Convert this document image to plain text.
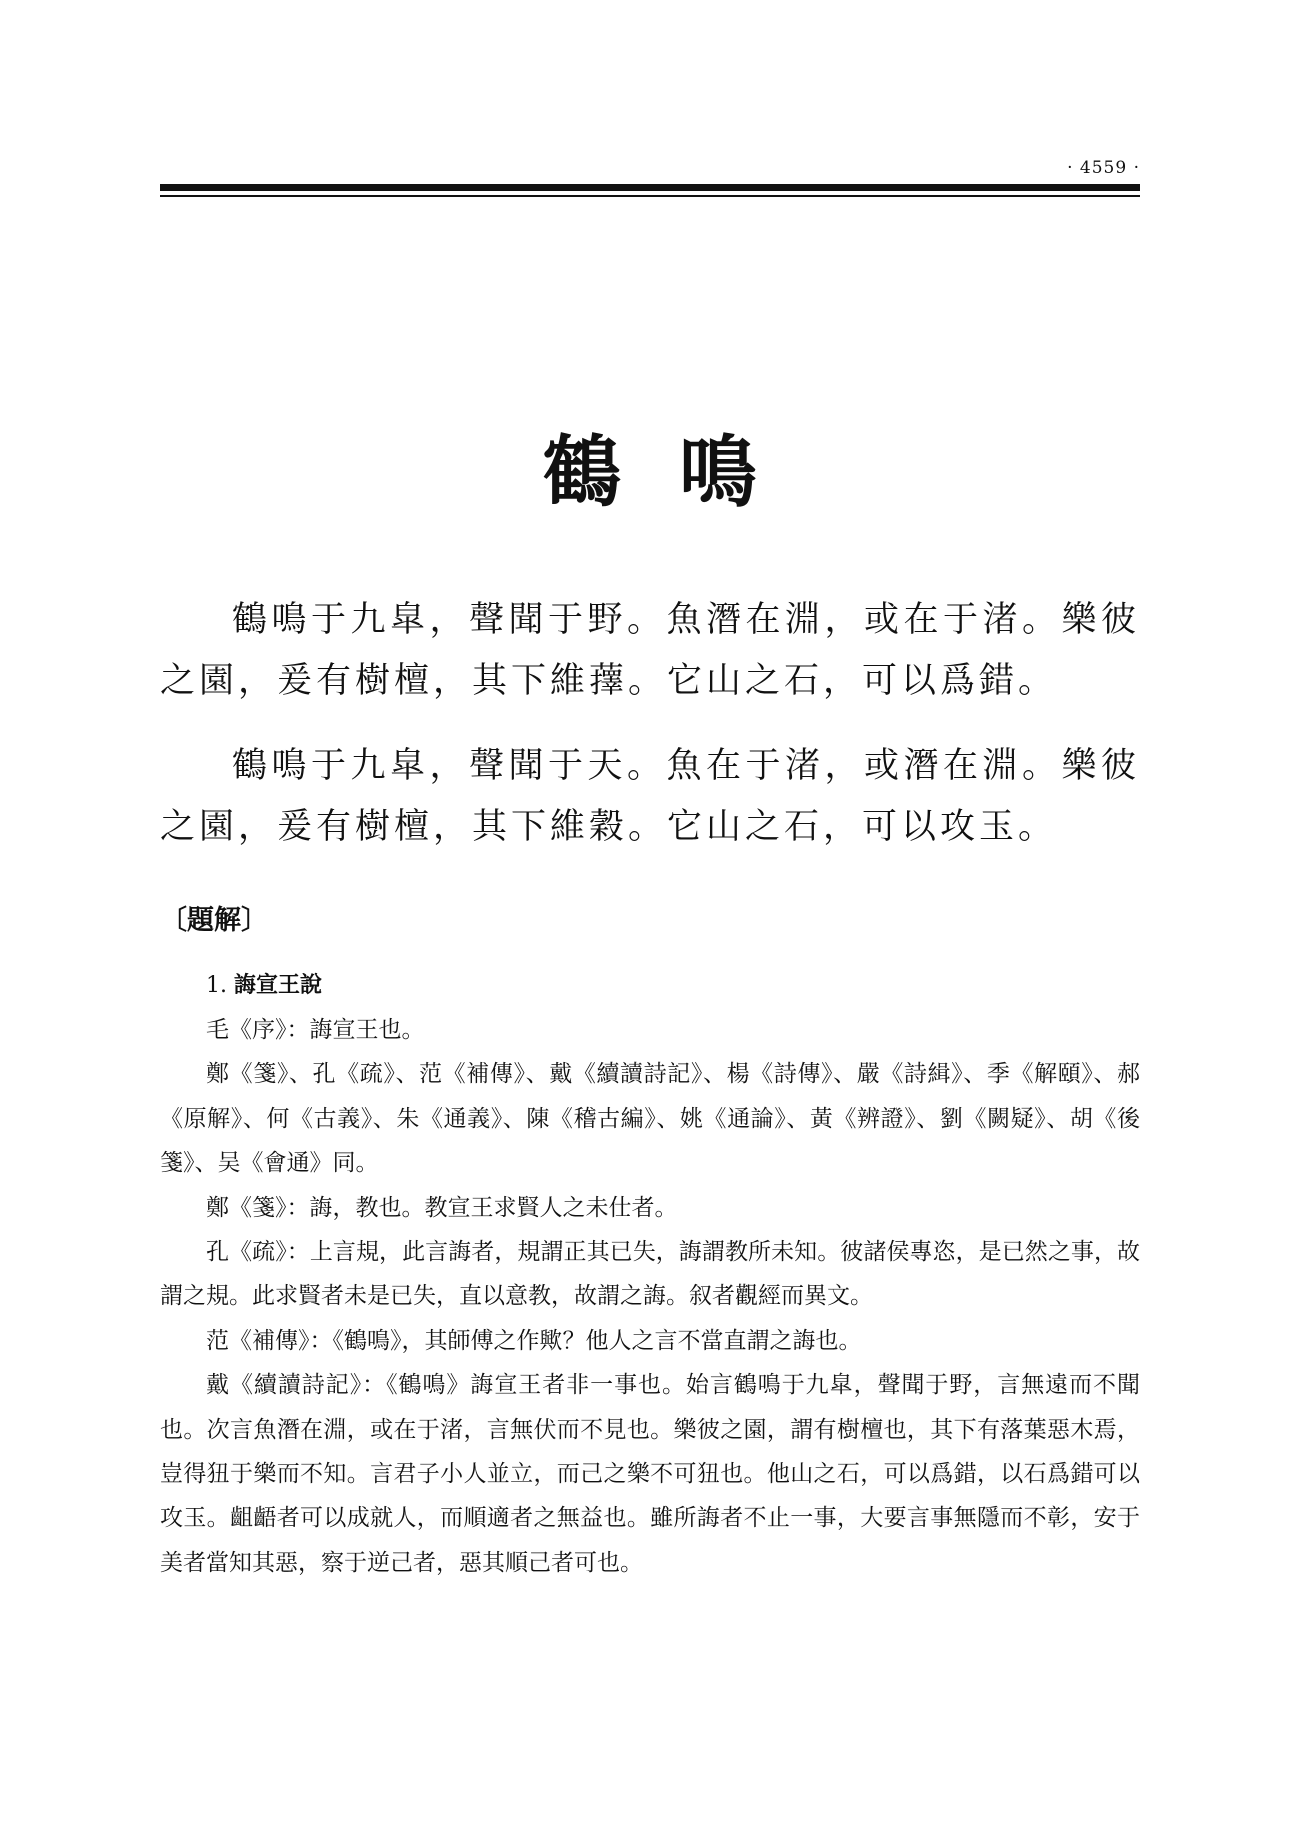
· 4559 ·
鶴鳴

鶴鳴于九皐，聲聞于野。魚潛在淵，或在于渚。樂彼之園，爰有樹檀，其下維蘀。它山之石，可以爲錯。

鶴鳴于九皐，聲聞于天。魚在于渚，或潛在淵。樂彼之園，爰有樹檀，其下維穀。它山之石，可以攻玉。

〔題解〕

1. 誨宣王說

毛《序》：誨宣王也。

鄭《箋》、孔《疏》、范《補傳》、戴《續讀詩記》、楊《詩傳》、嚴《詩緝》、季《解頤》、郝《原解》、何《古義》、朱《通義》、陳《稽古編》、姚《通論》、黃《辨證》、劉《闕疑》、胡《後箋》、吴《會通》同。

鄭《箋》：誨，教也。教宣王求賢人之未仕者。

孔《疏》：上言規，此言誨者，規謂正其已失，誨謂教所未知。彼諸侯專恣，是已然之事，故謂之規。此求賢者未是已失，直以意教，故謂之誨。叙者觀經而異文。

范《補傳》：《鶴鳴》，其師傅之作歟？他人之言不當直謂之誨也。

戴《續讀詩記》：《鶴鳴》誨宣王者非一事也。始言鶴鳴于九皐，聲聞于野，言無遠而不聞也。次言魚潛在淵，或在于渚，言無伏而不見也。樂彼之園，謂有樹檀也，其下有落葉惡木焉，豈得狃于樂而不知。言君子小人並立，而己之樂不可狃也。他山之石，可以爲錯，以石爲錯可以攻玉。齟齬者可以成就人，而順適者之無益也。雖所誨者不止一事，大要言事無隱而不彰，安于美者當知其惡，察于逆己者，惡其順己者可也。
